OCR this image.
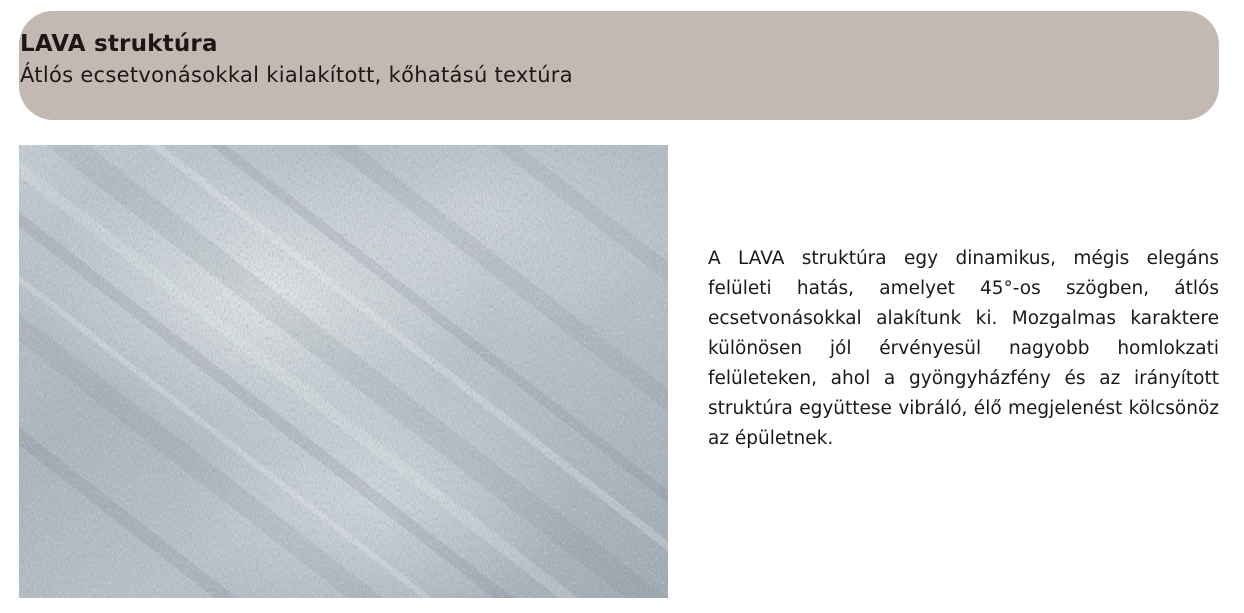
LAVA struktúra
Átlós ecsetvonásokkal kialakított, kőhatású textúra

A LAVA struktúra egy dinamikus, mégis elegáns felületi hatás, amelyet 45°-os szögben, átlós ecsetvonásokkal alakítunk ki. Mozgalmas karaktere különösen jól érvényesül nagyobb homlokzati felületeken, ahol a gyöngyházfény és az irányított struktúra együttese vibráló, élő megjelenést kölcsönöz az épületnek.
